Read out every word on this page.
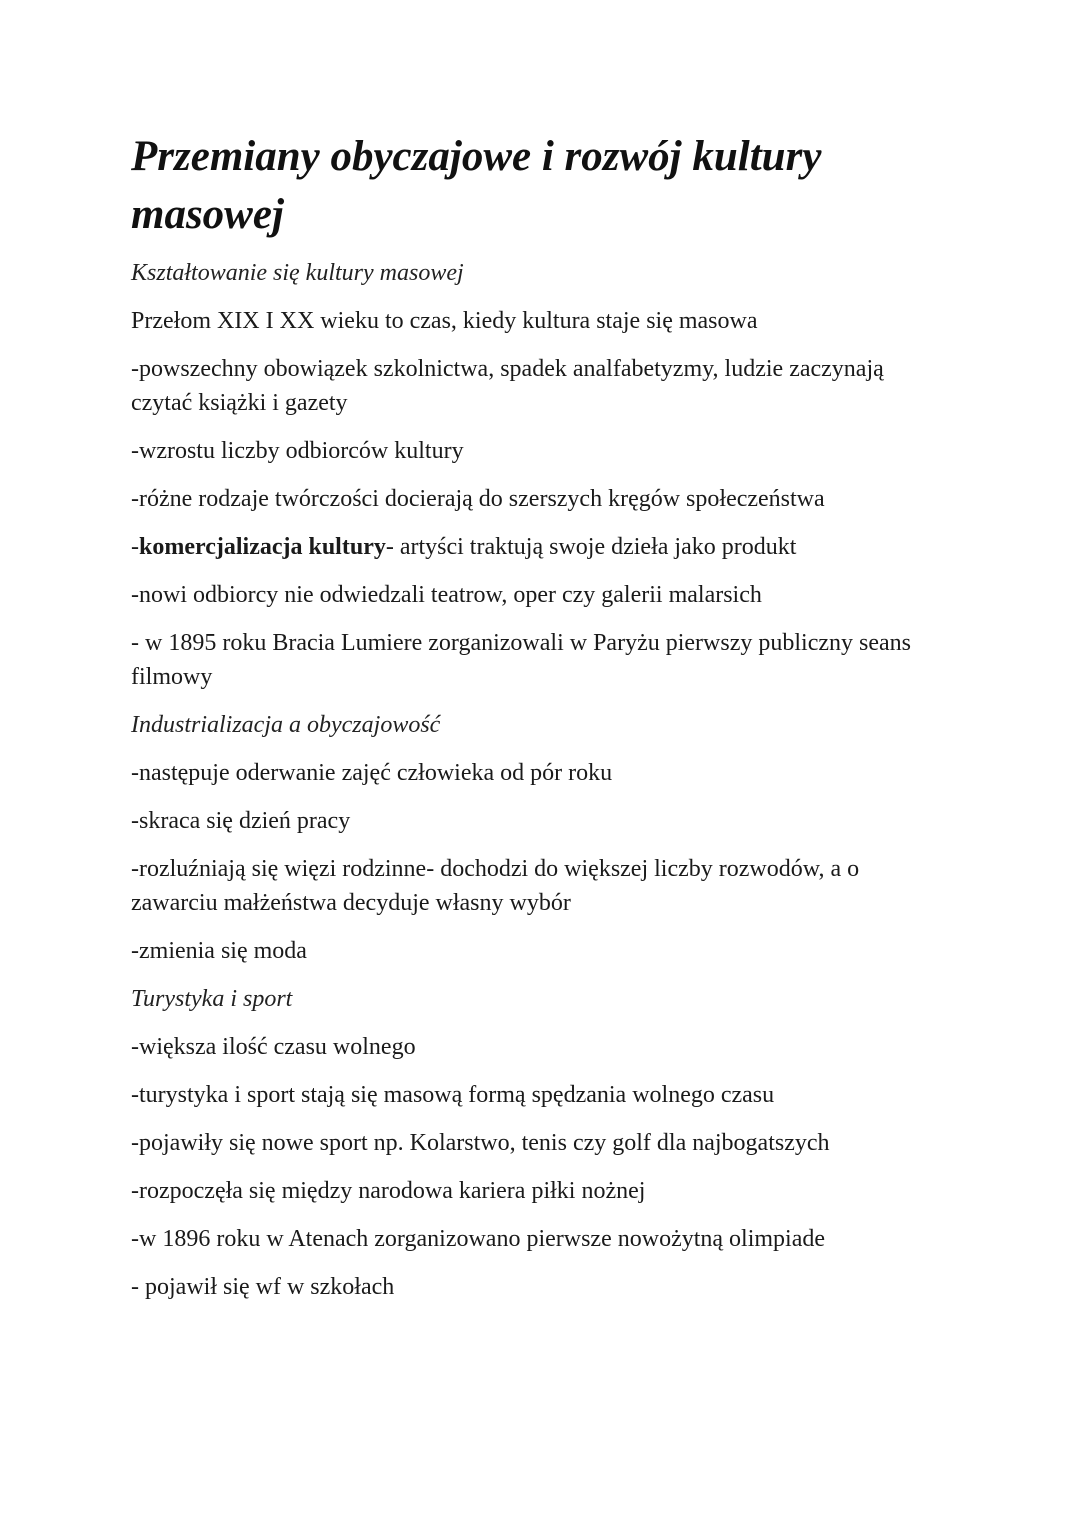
Przemiany obyczajowe i rozwój kultury masowej
Kształtowanie się kultury masowej

Przełom XIX I XX wieku to czas, kiedy kultura staje się masowa

-powszechny obowiązek szkolnictwa, spadek analfabetyzmy, ludzie zaczynają czytać książki i gazety

-wzrostu liczby odbiorców kultury

-różne rodzaje twórczości docierają do szerszych kręgów społeczeństwa

-komercjalizacja kultury- artyści traktują swoje dzieła jako produkt

-nowi odbiorcy nie odwiedzali teatrow, oper czy galerii malarsich

- w 1895 roku Bracia Lumiere zorganizowali w Paryżu pierwszy publiczny seans filmowy

Industrializacja a obyczajowość

-następuje oderwanie zajęć człowieka od pór roku

-skraca się dzień pracy

-rozluźniają się więzi rodzinne- dochodzi do większej liczby rozwodów, a o zawarciu małżeństwa decyduje własny wybór

-zmienia się moda

Turystyka i sport

-większa ilość czasu wolnego

-turystyka i sport stają się masową formą spędzania wolnego czasu

-pojawiły się nowe sport np. Kolarstwo, tenis czy golf dla najbogatszych

-rozpoczęła się między narodowa kariera piłki nożnej

-w 1896 roku w Atenach zorganizowano pierwsze nowożytną olimpiade

- pojawił się wf w szkołach
